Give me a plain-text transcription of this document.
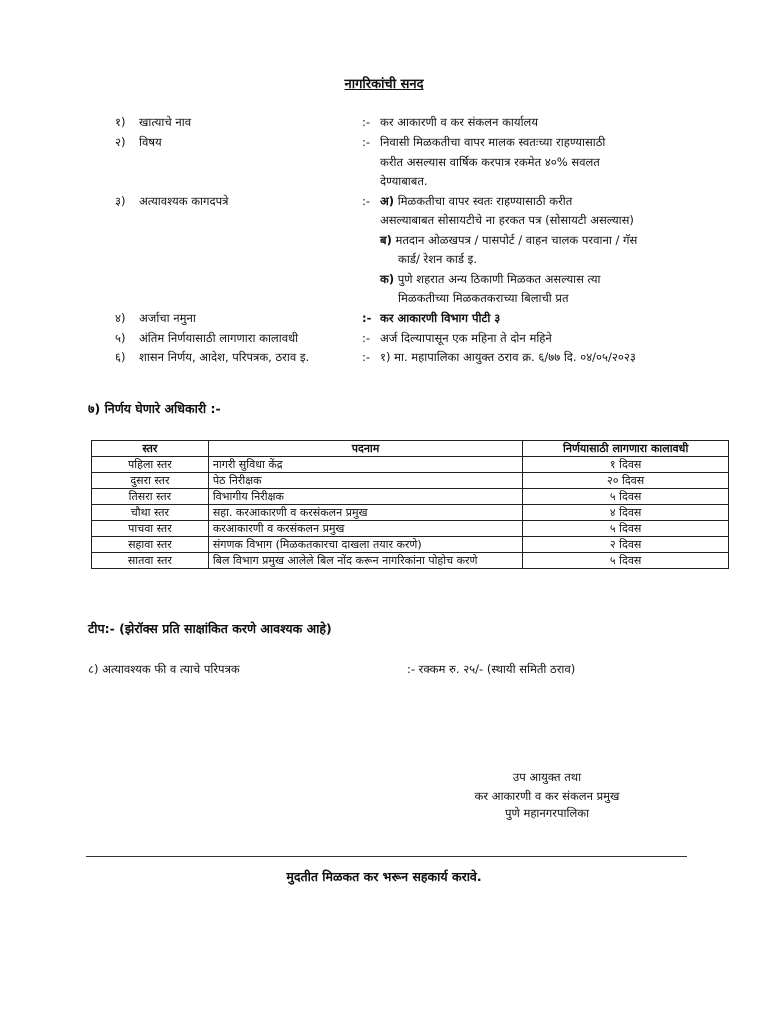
नागरिकांची सनद
१) खात्याचे नाव	:- कर आकारणी व कर संकलन कार्यालय
२) विषय	:- निवासी मिळकतीचा वापर मालक स्वतःच्या राहण्यासाठी
करीत असल्यास वार्षिक करपात्र रकमेत ४०% सवलत
देण्याबाबत.
३) अत्यावश्यक कागदपत्रे	:- अ) मिळकतीचा वापर स्वतः राहण्यासाठी करीत
असल्याबाबत सोसायटीचे ना हरकत पत्र (सोसायटी असल्यास)
ब) मतदान ओळखपत्र / पासपोर्ट / वाहन चालक परवाना / गॅस
कार्ड/ रेशन कार्ड इ.
क) पुणे शहरात अन्य ठिकाणी मिळकत असल्यास त्या
मिळकतीच्या मिळकतकराच्या बिलाची प्रत
४) अर्जाचा नमुना	:- कर आकारणी विभाग पीटी ३
५) अंतिम निर्णयासाठी लागणारा कालावधी	:- अर्ज दिल्यापासून एक महिना ते दोन महिने
६) शासन निर्णय, आदेश, परिपत्रक, ठराव इ.	:- १) मा. महापालिका आयुक्त ठराव क्र. ६/७७ दि. ०४/०५/२०२३
७) निर्णय घेणारे अधिकारी :-
स्तर	पदनाम	निर्णयासाठी लागणारा कालावधी
पहिला स्तर	नागरी सुविधा केंद्र	१ दिवस
दुसरा स्तर	पेठ निरीक्षक	२० दिवस
तिसरा स्तर	विभागीय निरीक्षक	५ दिवस
चौथा स्तर	सहा. करआकारणी व करसंकलन प्रमुख	४ दिवस
पाचवा स्तर	करआकारणी व करसंकलन प्रमुख	५ दिवस
सहावा स्तर	संगणक विभाग (मिळकतकारचा दाखला तयार करणे)	२ दिवस
सातवा स्तर	बिल विभाग प्रमुख आलेले बिल नोंद करून नागरिकांना पोहोच करणे	५ दिवस
टीप:- (झेरॉक्स प्रति साक्षांकित करणे आवश्यक आहे)
८) अत्यावश्यक फी व त्याचे परिपत्रक	:- रक्कम रु. २५/- (स्थायी समिती ठराव)
उप आयुक्त तथा
कर आकारणी व कर संकलन प्रमुख
पुणे महानगरपालिका
मुदतीत मिळकत कर भरून सहकार्य करावे.
